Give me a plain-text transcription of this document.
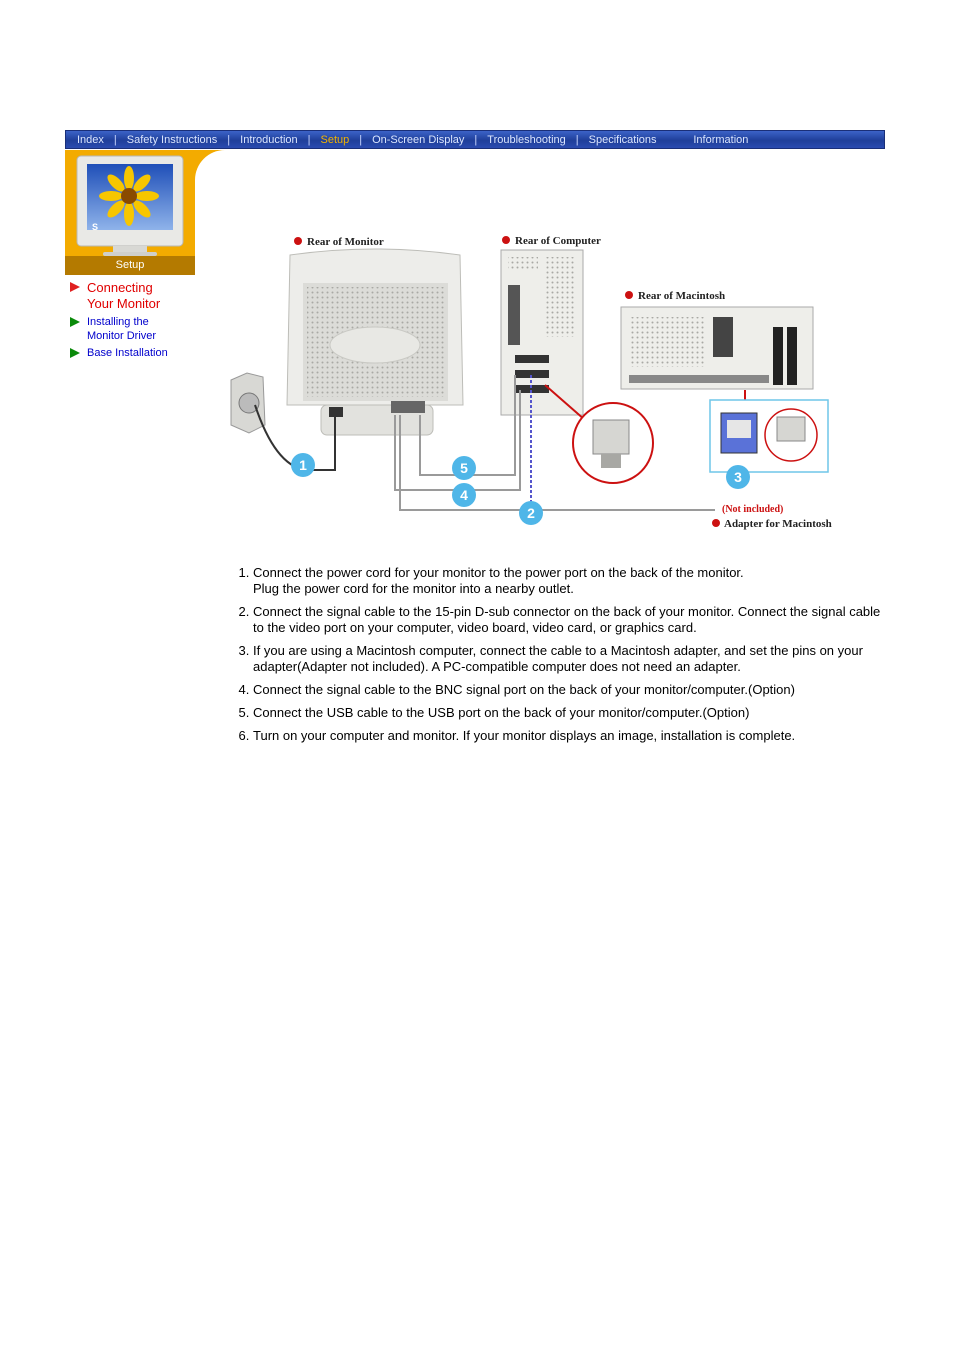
Index | Safety Instructions | Introduction | Setup | On-Screen Display | Troubleshooting | Specifications	Information
S
Setup
Connecting
Your Monitor
Installing the
Monitor Driver
Base Installation
Rear of Monitor	Rear of Computer
Rear of Macintosh
1
2
3
4
5
(Not included)
Adapter for Macintosh
1. Connect the power cord for your monitor to the power port on the back of the monitor.
Plug the power cord for the monitor into a nearby outlet.
2. Connect the signal cable to the 15-pin D-sub connector on the back of your monitor. Connect the signal cable to the video port on your computer, video board, video card, or graphics card.
3. If you are using a Macintosh computer, connect the cable to a Macintosh adapter, and set the pins on your adapter(Adapter not included). A PC-compatible computer does not need an adapter.
4. Connect the signal cable to the BNC signal port on the back of your monitor/computer.(Option)
5. Connect the USB cable to the USB port on the back of your monitor/computer.(Option)
6. Turn on your computer and monitor. If your monitor displays an image, installation is complete.
